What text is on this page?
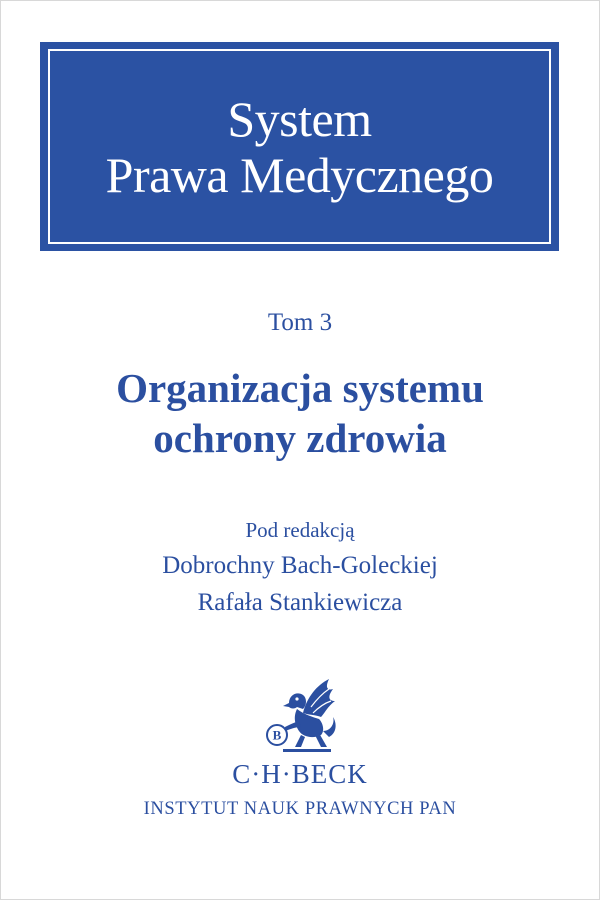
System
Prawa Medycznego
Tom 3
Organizacja systemu
ochrony zdrowia
Pod redakcją
Dobrochny Bach-Goleckiej
Rafała Stankiewicza
B
C·H·BECK
INSTYTUT NAUK PRAWNYCH PAN
